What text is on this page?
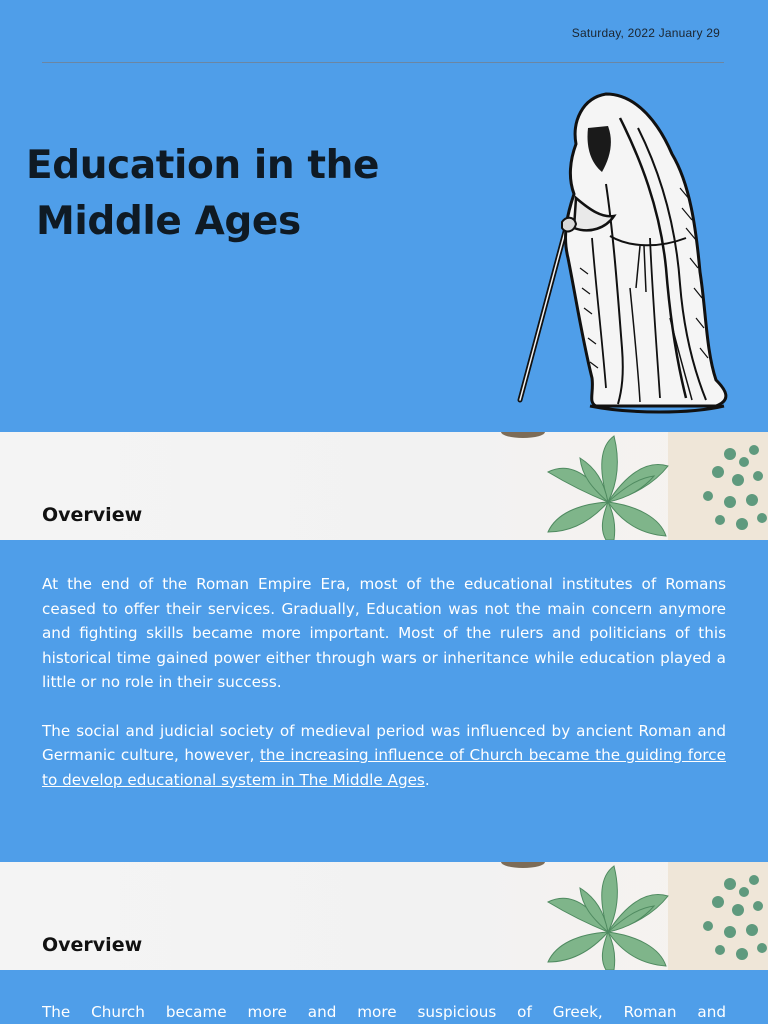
Saturday, 2022 January 29
Education in the
Middle Ages
Overview

At the end of the Roman Empire Era, most of the educational institutes of Romans ceased to offer their services. Gradually, Education was not the main concern anymore and fighting skills became more important. Most of the rulers and politicians of this historical time gained power either through wars or inheritance while education played a little or no role in their success.

The social and judicial society of medieval period was influenced by ancient Roman and Germanic culture, however, the increasing influence of Church became the guiding force to develop educational system in The Middle Ages.

Overview

The Church became more and more suspicious of Greek, Roman and
